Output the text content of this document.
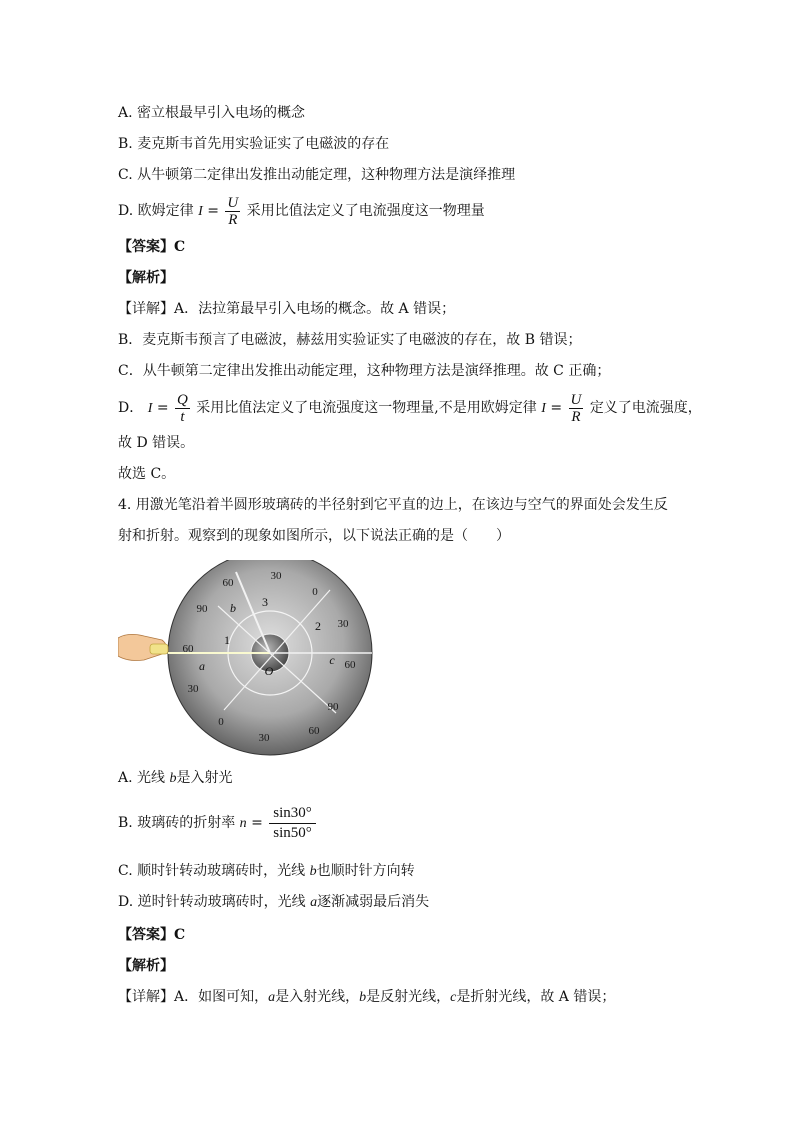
A. 密立根最早引入电场的概念
B. 麦克斯韦首先用实验证实了电磁波的存在
C. 从牛顿第二定律出发推出动能定理，这种物理方法是演绎推理
D. 欧姆定律 $I = \frac{U}{R}$ 采用比值法定义了电流强度这一物理量
【答案】C
【解析】
【详解】A．法拉第最早引入电场的概念。故 A 错误；
B．麦克斯韦预言了电磁波，赫兹用实验证实了电磁波的存在，故 B 错误；
C．从牛顿第二定律出发推出动能定理，这种物理方法是演绎推理。故 C 正确；
D． $I = \frac{Q}{t}$ 采用比值法定义了电流强度这一物理量,不是用欧姆定律 $I = \frac{U}{R}$ 定义了电流强度，
故 D 错误。
故选 C。
4. 用激光笔沿着半圆形玻璃砖的半径射到它平直的边上，在该边与空气的界面处会发生反
射和折射。观察到的现象如图所示，以下说法正确的是（　　）
30
60
90
60
30
0
30
60
90
60
30
0
1
2
3
a
b
c
O
A. 光线 b是入射光
B. 玻璃砖的折射率 $n = \frac{\sin 30^\circ}{\sin 50^\circ}$
C. 顺时针转动玻璃砖时，光线 b也顺时针方向转
D. 逆时针转动玻璃砖时，光线 a逐渐减弱最后消失
【答案】C
【解析】
【详解】A．如图可知，a是入射光线，b是反射光线，c是折射光线，故 A 错误；
